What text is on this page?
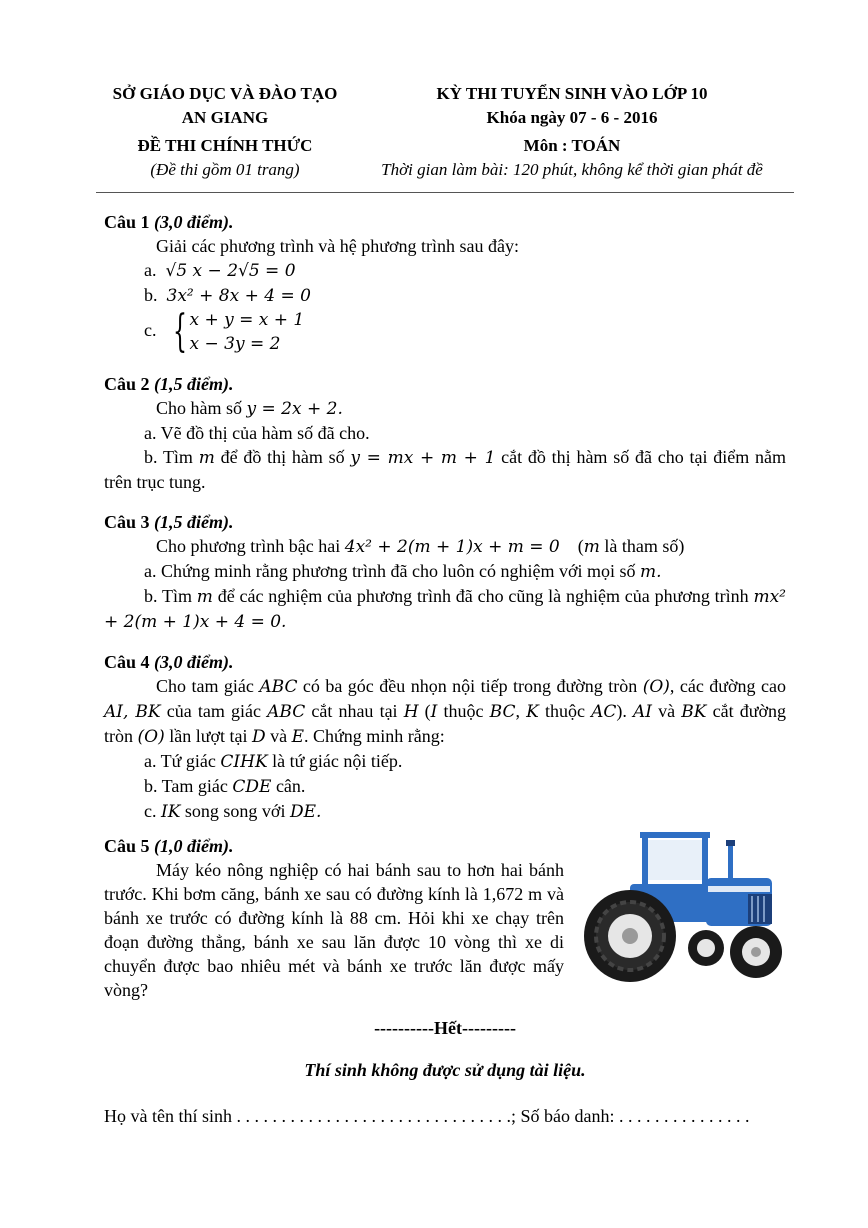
SỞ GIÁO DỤC VÀ ĐÀO TẠO
AN GIANG
ĐỀ THI CHÍNH THỨC
(Đề thi gồm 01 trang)
KỲ THI TUYỂN SINH VÀO LỚP 10
Khóa ngày 07 - 6 - 2016
Môn : TOÁN
Thời gian làm bài: 120 phút, không kể thời gian phát đề

Câu 1 (3,0 điểm).

Giải các phương trình và hệ phương trình sau đây:

a. √5 x − 2√5 = 0

b. 3x² + 8x + 4 = 0

c. { x + y = x + 1
x − 3y = 2

Câu 2 (1,5 điểm).

Cho hàm số y = 2x + 2.

a. Vẽ đồ thị của hàm số đã cho.

b. Tìm m để đồ thị hàm số y = mx + m + 1 cắt đồ thị hàm số đã cho tại điểm nằm trên trục tung.

Câu 3 (1,5 điểm).

Cho phương trình bậc hai 4x² + 2(m + 1)x + m = 0    (m là tham số)

a. Chứng minh rằng phương trình đã cho luôn có nghiệm với mọi số m.

b. Tìm m để các nghiệm của phương trình đã cho cũng là nghiệm của phương trình mx² + 2(m + 1)x + 4 = 0.

Câu 4 (3,0 điểm).

Cho tam giác ABC có ba góc đều nhọn nội tiếp trong đường tròn (O), các đường cao AI, BK của tam giác ABC cắt nhau tại H (I thuộc BC, K thuộc AC). AI và BK cắt đường tròn (O) lần lượt tại D và E. Chứng minh rằng:

a. Tứ giác CIHK là tứ giác nội tiếp.

b. Tam giác CDE cân.

c. IK song song với DE.

Câu 5 (1,0 điểm).

Máy kéo nông nghiệp có hai bánh sau to hơn hai bánh trước. Khi bơm căng, bánh xe sau có đường kính là 1,672 m và bánh xe trước có đường kính là 88 cm. Hỏi khi xe chạy trên đoạn đường thẳng, bánh xe sau lăn được 10 vòng thì xe di chuyển được bao nhiêu mét và bánh xe trước lăn được mấy vòng?

----------Hết---------

Thí sinh không được sử dụng tài liệu.

Họ và tên thí sinh . . . . . . . . . . . . . . . . . . . . . . . . . . . . . . .; Số báo danh: . . . . . . . . . . . . . . .
